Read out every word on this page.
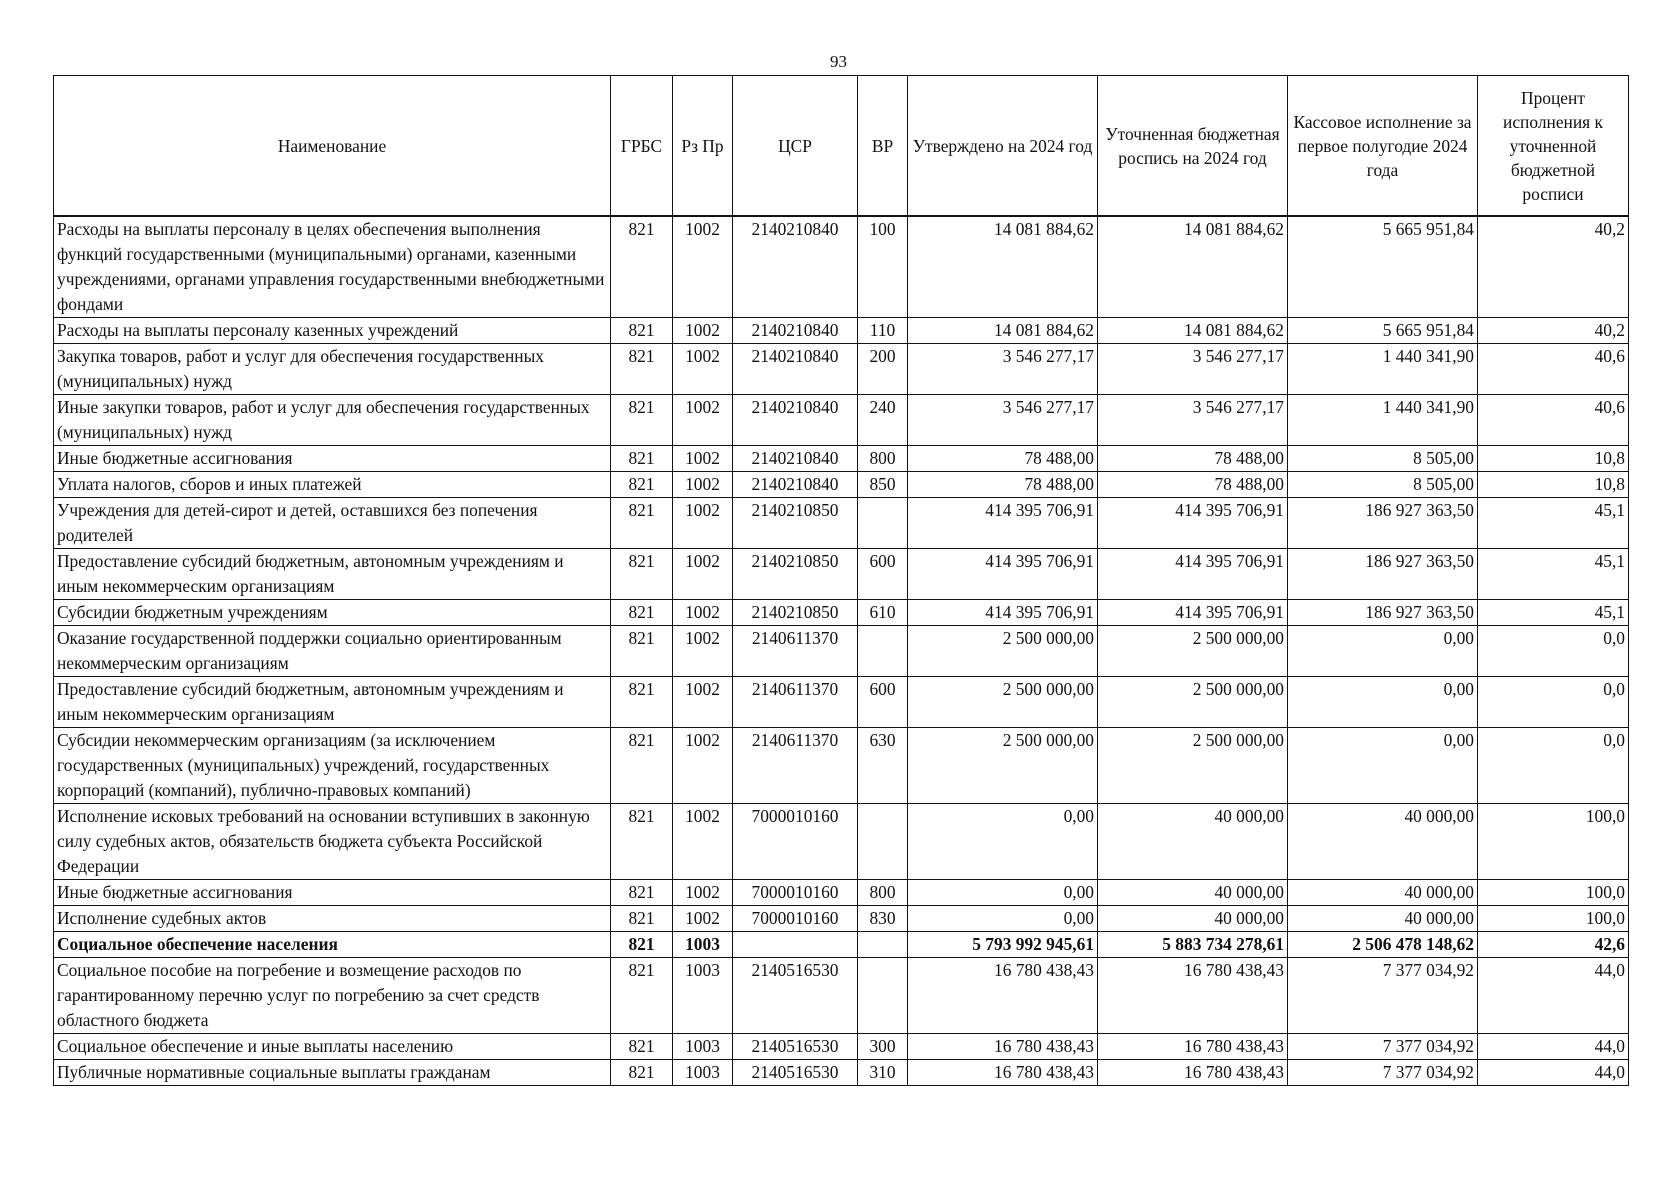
93
Наименование	ГРБС	Рз Пр	ЦСР	ВР	Утверждено на 2024 год	Уточненная бюджетная роспись на 2024 год	Кассовое исполнение за первое полугодие 2024 года	Процент исполнения к уточненной бюджетной росписи
Расходы на выплаты персоналу в целях обеспечения выполнения функций государственными (муниципальными) органами, казенными учреждениями, органами управления государственными внебюджетными фондами	821	1002	2140210840	100	14 081 884,62	14 081 884,62	5 665 951,84	40,2
Расходы на выплаты персоналу казенных учреждений	821	1002	2140210840	110	14 081 884,62	14 081 884,62	5 665 951,84	40,2
Закупка товаров, работ и услуг для обеспечения государственных (муниципальных) нужд	821	1002	2140210840	200	3 546 277,17	3 546 277,17	1 440 341,90	40,6
Иные закупки товаров, работ и услуг для обеспечения государственных (муниципальных) нужд	821	1002	2140210840	240	3 546 277,17	3 546 277,17	1 440 341,90	40,6
Иные бюджетные ассигнования	821	1002	2140210840	800	78 488,00	78 488,00	8 505,00	10,8
Уплата налогов, сборов и иных платежей	821	1002	2140210840	850	78 488,00	78 488,00	8 505,00	10,8
Учреждения для детей-сирот и детей, оставшихся без попечения родителей	821	1002	2140210850		414 395 706,91	414 395 706,91	186 927 363,50	45,1
Предоставление субсидий бюджетным, автономным учреждениям и иным некоммерческим организациям	821	1002	2140210850	600	414 395 706,91	414 395 706,91	186 927 363,50	45,1
Субсидии бюджетным учреждениям	821	1002	2140210850	610	414 395 706,91	414 395 706,91	186 927 363,50	45,1
Оказание государственной поддержки социально ориентированным некоммерческим организациям	821	1002	2140611370		2 500 000,00	2 500 000,00	0,00	0,0
Предоставление субсидий бюджетным, автономным учреждениям и иным некоммерческим организациям	821	1002	2140611370	600	2 500 000,00	2 500 000,00	0,00	0,0
Субсидии некоммерческим организациям (за исключением государственных (муниципальных) учреждений, государственных корпораций (компаний), публично-правовых компаний)	821	1002	2140611370	630	2 500 000,00	2 500 000,00	0,00	0,0
Исполнение исковых требований на основании вступивших в законную силу судебных актов, обязательств бюджета субъекта Российской Федерации	821	1002	7000010160		0,00	40 000,00	40 000,00	100,0
Иные бюджетные ассигнования	821	1002	7000010160	800	0,00	40 000,00	40 000,00	100,0
Исполнение судебных актов	821	1002	7000010160	830	0,00	40 000,00	40 000,00	100,0
Социальное обеспечение населения	821	1003			5 793 992 945,61	5 883 734 278,61	2 506 478 148,62	42,6
Социальное пособие на погребение и возмещение расходов по гарантированному перечню услуг по погребению за счет средств областного бюджета	821	1003	2140516530		16 780 438,43	16 780 438,43	7 377 034,92	44,0
Социальное обеспечение и иные выплаты населению	821	1003	2140516530	300	16 780 438,43	16 780 438,43	7 377 034,92	44,0
Публичные нормативные социальные выплаты гражданам	821	1003	2140516530	310	16 780 438,43	16 780 438,43	7 377 034,92	44,0
